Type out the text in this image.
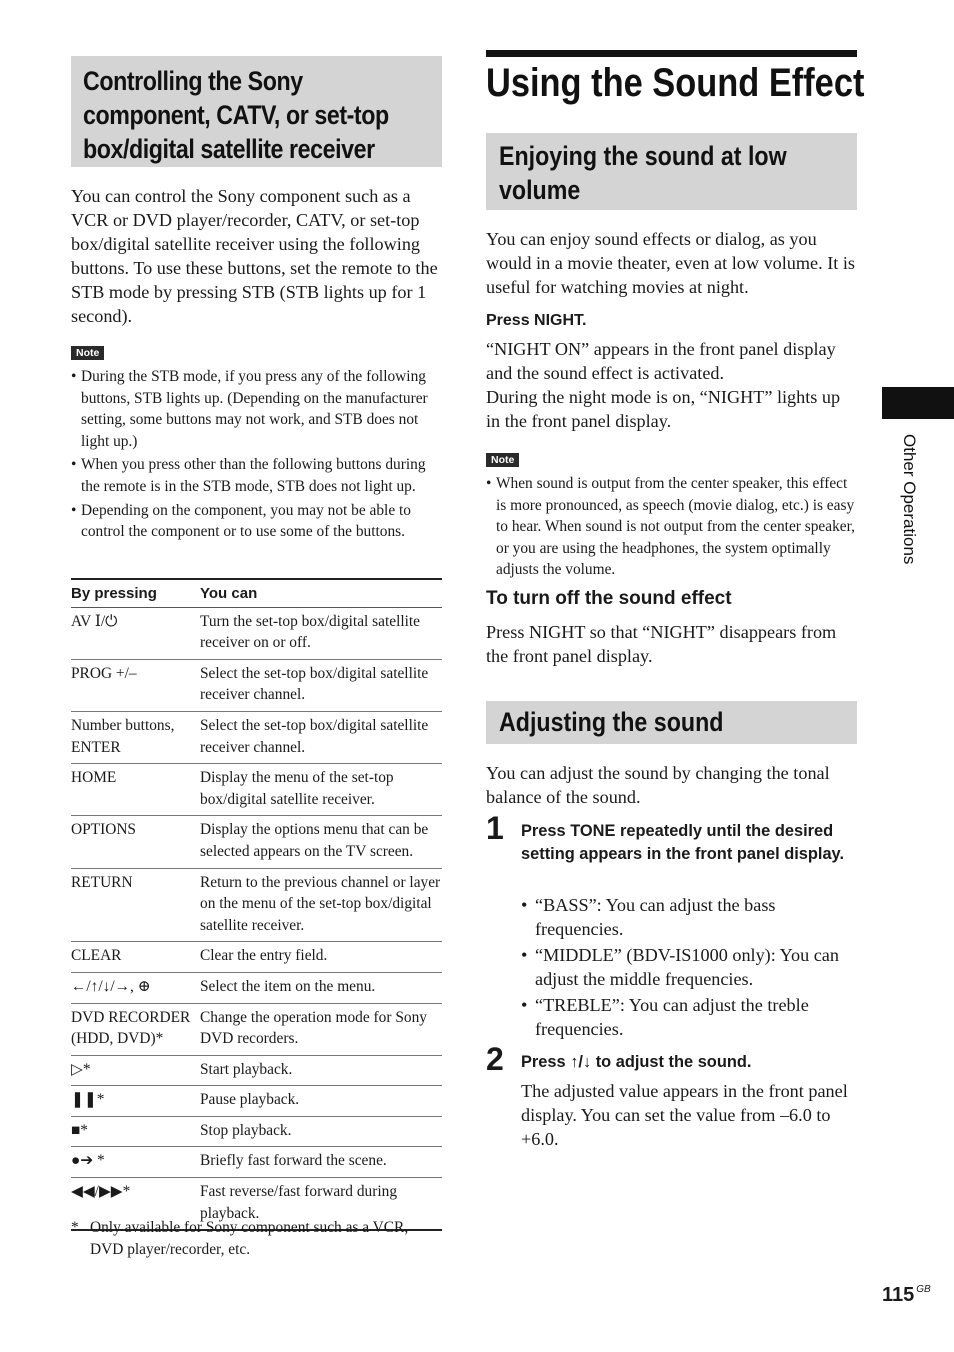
Controlling the Sony
component, CATV, or set-top
box/digital satellite receiver

You can control the Sony component such as a VCR or DVD player/recorder, CATV, or set-top box/digital satellite receiver using the following buttons. To use these buttons, set the remote to the STB mode by pressing STB (STB lights up for 1 second).

Note
• During the STB mode, if you press any of the following buttons, STB lights up. (Depending on the manufacturer setting, some buttons may not work, and STB does not light up.)
• When you press other than the following buttons during the remote is in the STB mode, STB does not light up.
• Depending on the component, you may not be able to control the component or to use some of the buttons.
By pressing	You can
AV Ⅰ/⏻	Turn the set-top box/digital satellite receiver on or off.
PROG +/–	Select the set-top box/digital satellite receiver channel.
Number buttons, ENTER	Select the set-top box/digital satellite receiver channel.
HOME	Display the menu of the set-top box/digital satellite receiver.
OPTIONS	Display the options menu that can be selected appears on the TV screen.
RETURN	Return to the previous channel or layer on the menu of the set-top box/digital satellite receiver.
CLEAR	Clear the entry field.
←/↑/↓/→, ⊕	Select the item on the menu.
DVD RECORDER (HDD, DVD)*	Change the operation mode for Sony DVD recorders.
▷*	Start playback.
❚❚*	Pause playback.
■*	Stop playback.
●➔ *	Briefly fast forward the scene.
◀◀/▶▶*	Fast reverse/fast forward during playback.
* Only available for Sony component such as a VCR, DVD player/recorder, etc.
Using the Sound Effect
Enjoying the sound at low
volume

You can enjoy sound effects or dialog, as you would in a movie theater, even at low volume. It is useful for watching movies at night.

Press NIGHT.

“NIGHT ON” appears in the front panel display and the sound effect is activated.

During the night mode is on, “NIGHT” lights up in the front panel display.

Note
• When sound is output from the center speaker, this effect is more pronounced, as speech (movie dialog, etc.) is easy to hear. When sound is not output from the center speaker, or you are using the headphones, the system optimally adjusts the volume.
To turn off the sound effect

Press NIGHT so that “NIGHT” disappears from the front panel display.

Adjusting the sound

You can adjust the sound by changing the tonal balance of the sound.

1 Press TONE repeatedly until the desired setting appears in the front panel display.
• “BASS”: You can adjust the bass frequencies.
• “MIDDLE” (BDV-IS1000 only): You can adjust the middle frequencies.
• “TREBLE”: You can adjust the treble frequencies.
2 Press ↑/↓ to adjust the sound.

The adjusted value appears in the front panel display. You can set the value from –6.0 to +6.0.

Other Operations
115 $^{GB}$
